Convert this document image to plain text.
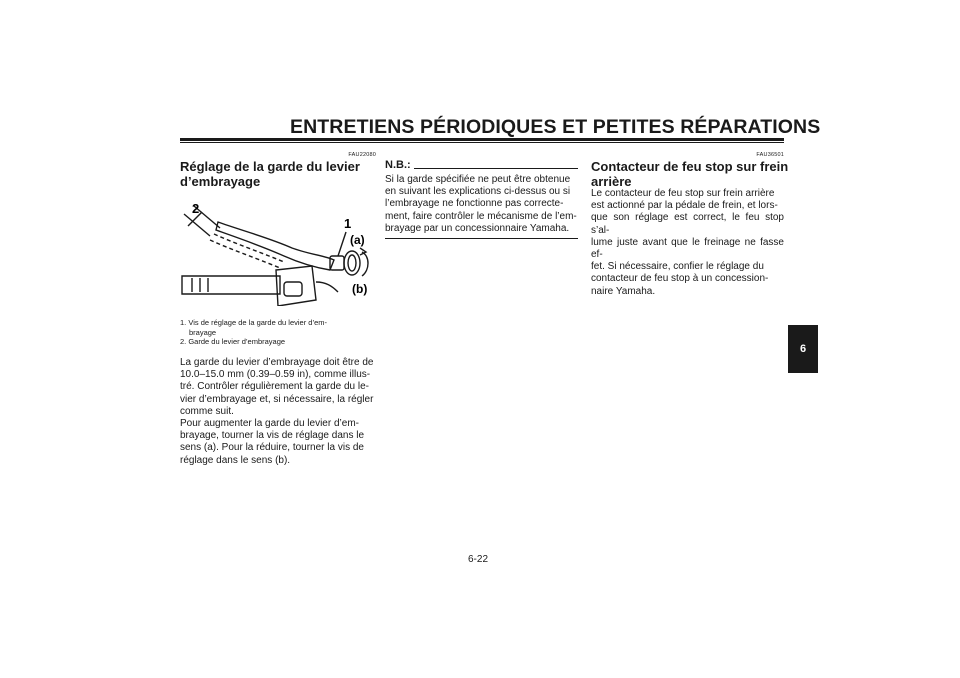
ENTRETIENS PÉRIODIQUES ET PETITES RÉPARATIONS
FAU22080
Réglage de la garde du levier
d’embrayage
2
1
(a)
(b)
1. Vis de réglage de la garde du levier d’em-
brayage
2. Garde du levier d’embrayage
La garde du levier d’embrayage doit être de
10.0–15.0 mm (0.39–0.59 in), comme illus-
tré. Contrôler régulièrement la garde du le-
vier d’embrayage et, si nécessaire, la régler
comme suit.
Pour augmenter la garde du levier d’em-
brayage, tourner la vis de réglage dans le
sens (a). Pour la réduire, tourner la vis de
réglage dans le sens (b).
N.B.:
Si la garde spécifiée ne peut être obtenue
en suivant les explications ci-dessus ou si
l’embrayage ne fonctionne pas correcte-
ment, faire contrôler le mécanisme de l’em-
brayage par un concessionnaire Yamaha.
FAU36501
Contacteur de feu stop sur frein
arrière
Le contacteur de feu stop sur frein arrière
est actionné par la pédale de frein, et lors-
que son réglage est correct, le feu stop s’al-
lume juste avant que le freinage ne fasse ef-
fet. Si nécessaire, confier le réglage du
contacteur de feu stop à un concession-
naire Yamaha.
6
6-22
